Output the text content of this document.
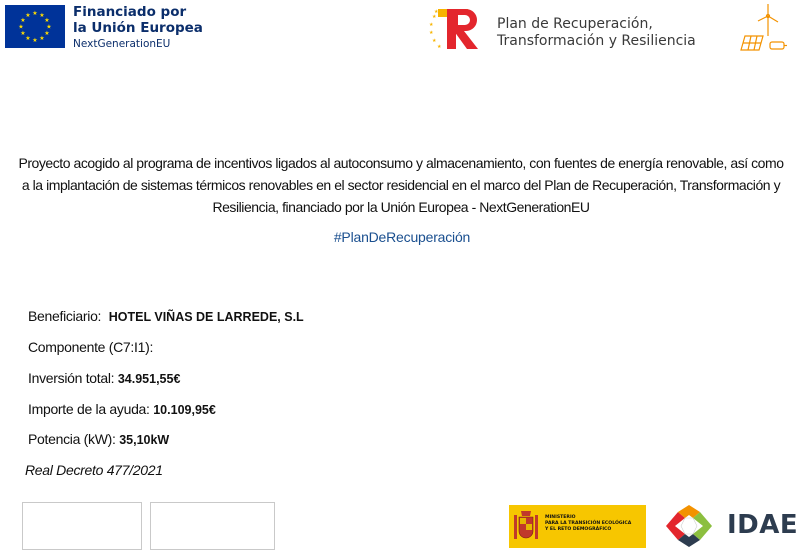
★ ★
★
★
★
★
★
★
★
★
★
★	Financiado por
la Unión Europea
NextGenerationEU
★
★
★
★
★
★
Plan de Recuperación,
Transformación y Resiliencia
Proyecto acogido al programa de incentivos ligados al autoconsumo y almacenamiento, con fuentes de energía renovable, así como a la implantación de sistemas térmicos renovables en el sector residencial en el marco del Plan de Recuperación, Transformación y Resiliencia, financiado por la Unión Europea - NextGenerationEU
#PlanDeRecuperación
Beneficiario: HOTEL VIÑAS DE LARREDE, S.L
Componente (C7:I1):
Inversión total: 34.951,55€
Importe de la ayuda: 10.109,95€
Potencia (kW): 35,10kW
Real Decreto 477/2021
MINISTERIO
PARA LA TRANSICIÓN ECOLÓGICA
Y EL RETO DEMOGRÁFICO	IDAE
